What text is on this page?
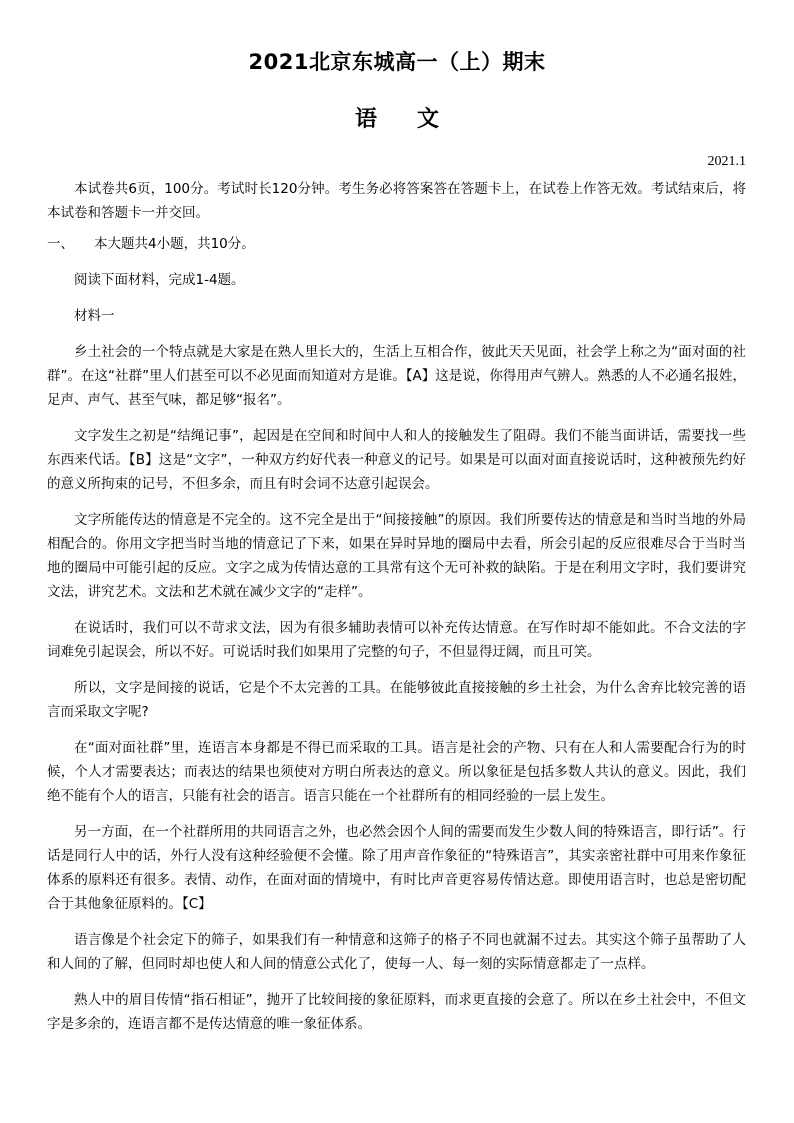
2021北京东城高一（上）期末
语文
2021.1

本试卷共6页，100分。考试时长120分钟。考生务必将答案答在答题卡上，在试卷上作答无效。考试结束后，将本试卷和答题卡一并交回。

一、 本大题共4小题，共10分。

阅读下面材料，完成1-4题。

材料一

乡土社会的一个特点就是大家是在熟人里长大的，生活上互相合作，彼此天天见面，社会学上称之为“面对面的社群”。在这“社群”里人们甚至可以不必见面而知道对方是谁。【A】这是说，你得用声气辨人。熟悉的人不必通名报姓，足声、声气、甚至气味，都足够“报名”。

文字发生之初是“结绳记事”，起因是在空间和时间中人和人的接触发生了阻碍。我们不能当面讲话，需要找一些东西来代话。【B】这是“文字”，一种双方约好代表一种意义的记号。如果是可以面对面直接说话时，这种被预先约好的意义所拘束的记号，不但多余，而且有时会词不达意引起误会。

文字所能传达的情意是不完全的。这不完全是出于“间接接触”的原因。我们所要传达的情意是和当时当地的外局相配合的。你用文字把当时当地的情意记了下来，如果在异时异地的圈局中去看，所会引起的反应很难尽合于当时当地的圈局中可能引起的反应。文字之成为传情达意的工具常有这个无可补救的缺陷。于是在利用文字时，我们要讲究文法，讲究艺术。文法和艺术就在减少文字的“走样”。

在说话时，我们可以不苛求文法，因为有很多辅助表情可以补充传达情意。在写作时却不能如此。不合文法的字词难免引起误会，所以不好。可说话时我们如果用了完整的句子，不但显得迂阔，而且可笑。

所以，文字是间接的说话，它是个不太完善的工具。在能够彼此直接接触的乡土社会，为什么舍弃比较完善的语言而采取文字呢?

在“面对面社群”里，连语言本身都是不得已而采取的工具。语言是社会的产物、只有在人和人需要配合行为的时候，个人才需要表达；而表达的结果也须使对方明白所表达的意义。所以象征是包括多数人共认的意义。因此，我们绝不能有个人的语言，只能有社会的语言。语言只能在一个社群所有的相同经验的一层上发生。

另一方面，在一个社群所用的共同语言之外，也必然会因个人间的需要而发生少数人间的特殊语言，即行话”。行话是同行人中的话，外行人没有这种经验便不会懂。除了用声音作象征的“特殊语言”，其实亲密社群中可用来作象征体系的原料还有很多。表情、动作，在面对面的情境中，有时比声音更容易传情达意。即使用语言时，也总是密切配合于其他象征原料的。【C】

语言像是个社会定下的筛子，如果我们有一种情意和这筛子的格子不同也就漏不过去。其实这个筛子虽帮助了人和人间的了解，但同时却也使人和人间的情意公式化了，使每一人、每一刻的实际情意都走了一点样。

熟人中的眉目传情“指石相证”，抛开了比较间接的象征原料，而求更直接的会意了。所以在乡土社会中，不但文字是多余的，连语言都不是传达情意的唯一象征体系。
